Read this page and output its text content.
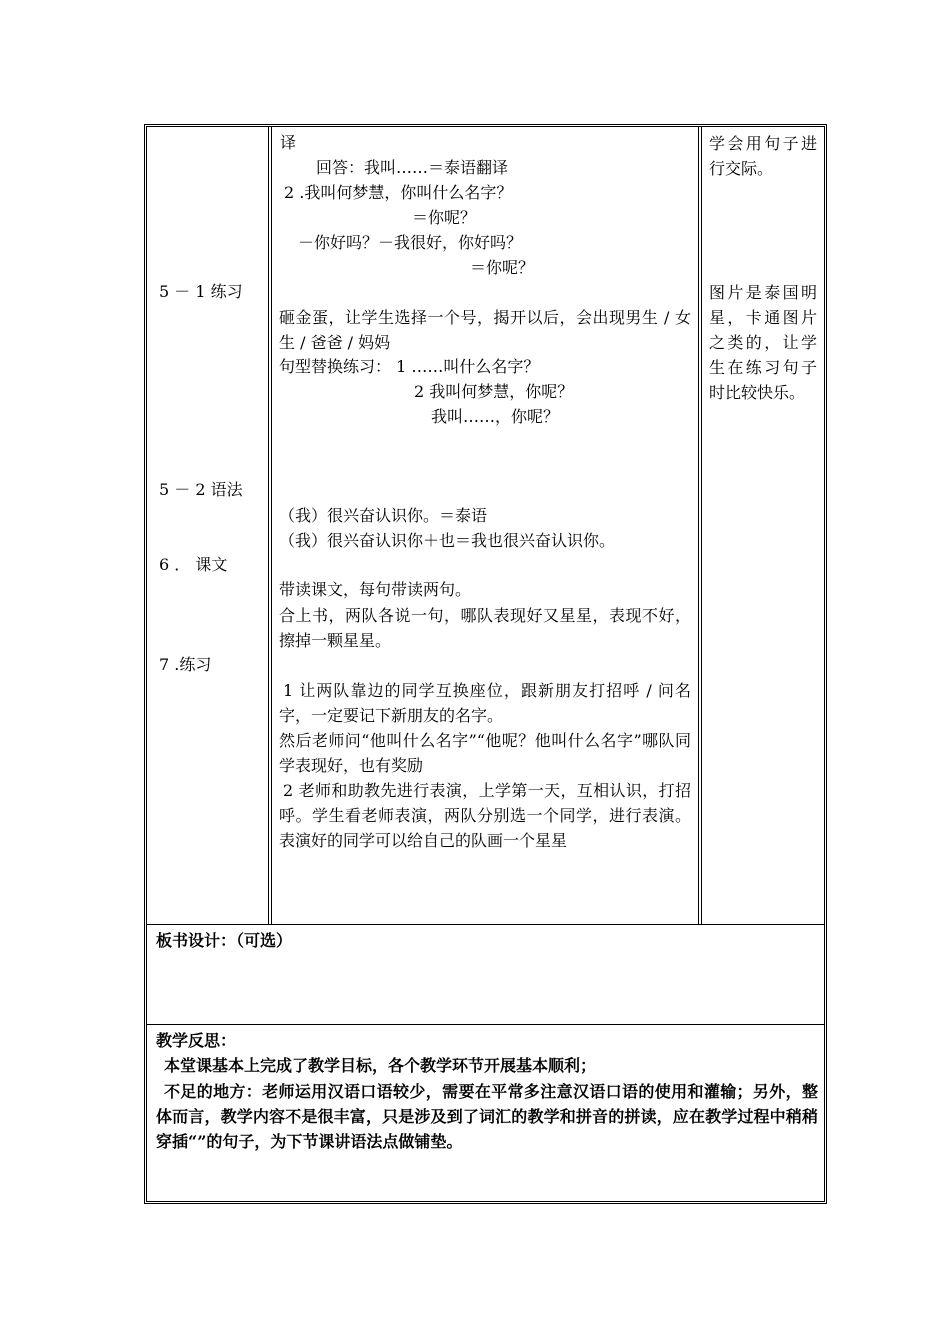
5 － 1 练习
5 － 2 语法
6 ． 课文
7 .练习
译
回答：我叫……＝泰语翻译
2 .我叫何梦慧，你叫什么名字？
＝你呢？
－你好吗？－我很好，你好吗？
＝你呢？
砸金蛋，让学生选择一个号，揭开以后，会出现男生 / 女生 / 爸爸 / 妈妈
句型替换练习： 1 ……叫什么名字？
2 我叫何梦慧，你呢？
我叫……，你呢？
（我）很兴奋认识你。＝泰语
（我）很兴奋认识你＋也＝我也很兴奋认识你。
带读课文，每句带读两句。
合上书，两队各说一句，哪队表现好又星星，表现不好，擦掉一颗星星。
1 让两队靠边的同学互换座位，跟新朋友打招呼 / 问名字，一定要记下新朋友的名字。
然后老师问“他叫什么名字”“他呢？他叫什么名字”哪队同学表现好，也有奖励
2 老师和助教先进行表演，上学第一天，互相认识，打招呼。学生看老师表演，两队分别选一个同学，进行表演。表演好的同学可以给自己的队画一个星星
学会用句子进行交际。
图片是泰国明星，卡通图片之类的，让学生在练习句子时比较快乐。
板书设计：（可选）
教学反思：
本堂课基本上完成了教学目标，各个教学环节开展基本顺利；
不足的地方：老师运用汉语口语较少，需要在平常多注意汉语口语的使用和灌输；另外，整体而言，教学内容不是很丰富，只是涉及到了词汇的教学和拼音的拼读，应在教学过程中稍稍穿插“”的句子，为下节课讲语法点做铺垫。
